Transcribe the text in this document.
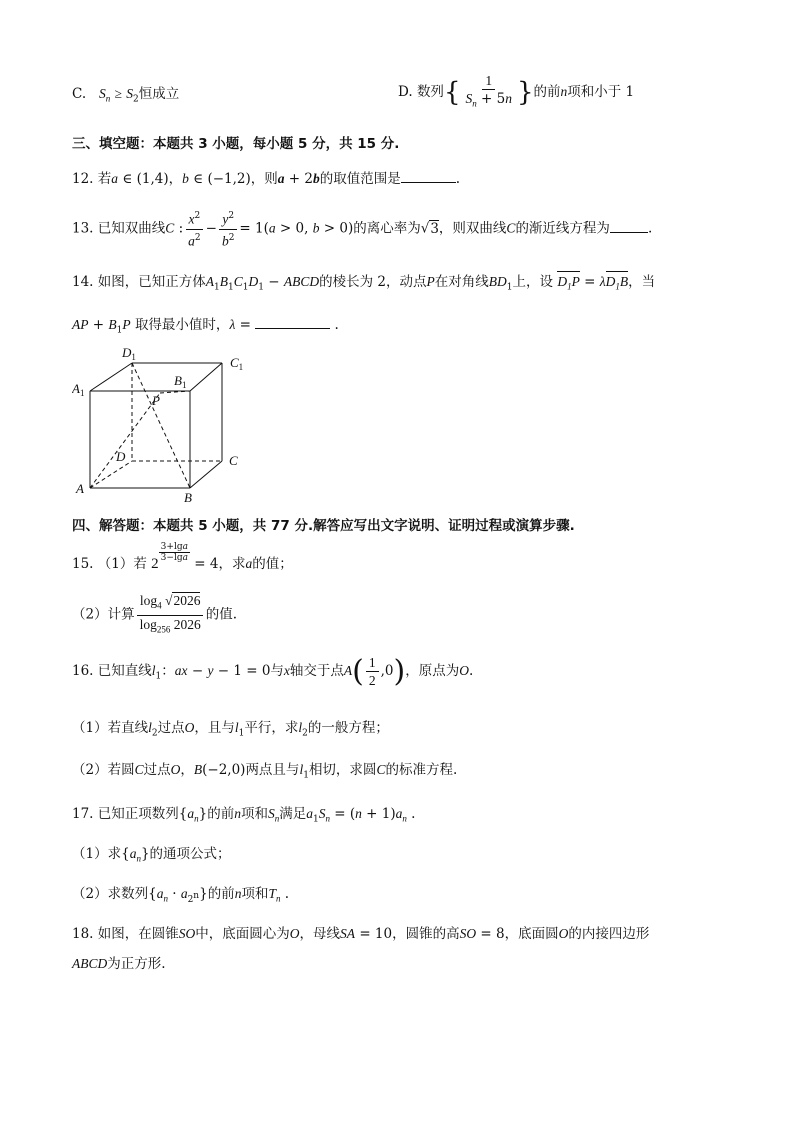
C. $S_n \ge S_2$恒成立	D. 数列{ $\frac{1}{S_n + 5n}$ }的前n项和小于 1
三、填空题：本题共 3 小题，每小题 5 分，共 15 分.
12. 若a ∈ (1,4)，b ∈ (−1,2)，则a + 2b的取值范围是	.
13. 已知双曲线C : $\frac{x^2}{a^2} - \frac{y^2}{b^2} = 1(a > 0$, b > 0)的离心率为√3，则双曲线C的渐近线方程为	.
14. 如图，已知正方体$A_1B_1C_1D_1$ − ABCD的棱长为 2，动点P在对角线$BD_1$上，设 $D_1P = \lambda D_1B$，当
AP + $B_1P$ 取得最小值时，λ =	.
$D_1$	$C_1$
$A_1$
$B_1$
P
D	C
A
B
四、解答题：本题共 5 小题，共 77 分.解答应写出文字说明、证明过程或演算步骤.
15. （1）若 2
$\frac{3+\lg a}{3-\lg a}$
= 4，求a的值；
（2）计算 $\frac{\log_4 √2026}{\log_{256} 2026}$ 的值.
16. 已知直线$l_1$：ax − y − 1 = 0与x轴交于点$A( \frac{1}{2} ,0)$，原点为O.
（1）若直线$l_2$过点O，且与$l_1$平行，求$l_2$的一般方程；
（2）若圆C过点O，B(−2,0)两点且与$l_1$相切，求圆C的标准方程.
17. 已知正项数列$\{a_n\}$的前n项和$S_n$满足$a_1S_n = (n + 1)a_n$ .
（1）求$\{a_n\}$的通项公式；
（2）求数列$\{a_n \cdot a_{2^n}\}$的前n项和$T_n$ .
18. 如图，在圆锥SO中，底面圆心为O，母线SA = 10，圆锥的高SO = 8，底面圆O的内接四边形
ABCD为正方形.
